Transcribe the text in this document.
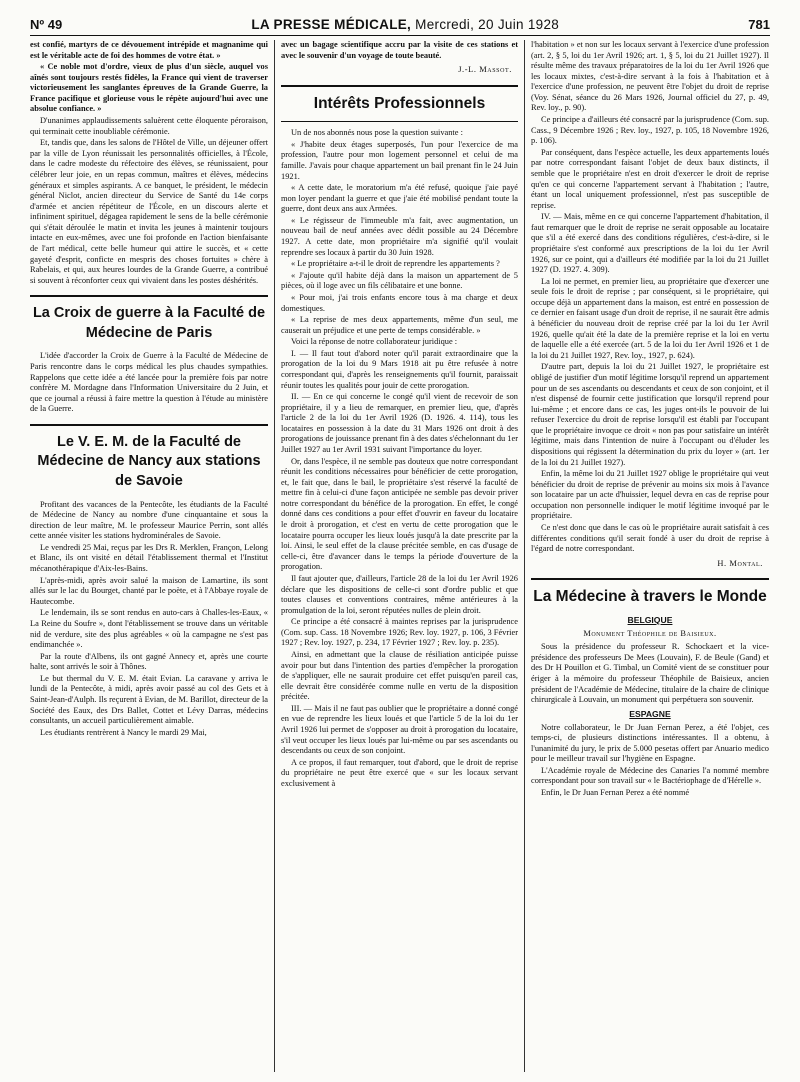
Nº 49	LA PRESSE MÉDICALE, Mercredi, 20 Juin 1928	781

est confié, martyrs de ce dévouement intrépide et magnanime qui est le véritable acte de foi des hommes de votre état. »

« Ce noble mot d'ordre, vieux de plus d'un siècle, auquel vos aînés sont toujours restés fidèles, la France qui vient de traverser victorieusement les sanglantes épreuves de la Grande Guerre, la France pacifique et glorieuse vous le répète aujourd'hui avec une absolue confiance. »

D'unanimes applaudissements saluèrent cette éloquente péroraison, qui terminait cette inoubliable cérémonie.

Et, tandis que, dans les salons de l'Hôtel de Ville, un déjeuner offert par la ville de Lyon réunissait les personnalités officielles, à l'École, dans le cadre modeste du réfectoire des élèves, se réunissaient, pour célébrer leur joie, en un repas commun, maîtres et élèves, médecins généraux et simples aspirants. A ce banquet, le président, le médecin général Niclot, ancien directeur du Service de Santé du 14e corps d'armée et ancien répétiteur de l'École, en un discours alerte et infiniment spirituel, dégagea rapidement le sens de la belle cérémonie qui s'était déroulée le matin et invita les jeunes à maintenir toujours intacte en eux-mêmes, avec une foi profonde en l'action bienfaisante de l'art médical, cette belle humeur qui attire le succès, et « cette gayeté d'esprit, conficte en mespris des choses fortuites » chère à Rabelais, et qui, aux heures lourdes de la Grande Guerre, a contribué si souvent à réconforter ceux qui vivaient dans les postes déshérités.

La Croix de guerre à la Faculté de Médecine de Paris

L'idée d'accorder la Croix de Guerre à la Faculté de Médecine de Paris rencontre dans le corps médical les plus chaudes sympathies. Rappelons que cette idée a été lancée pour la première fois par notre confrère M. Mordagne dans l'Information Universitaire du 2 Juin, et que ce journal a réussi à faire mettre la question à l'étude au ministère de la Guerre.

Le V. E. M. de la Faculté de Médecine de Nancy aux stations de Savoie

Profitant des vacances de la Pentecôte, les étudiants de la Faculté de Médecine de Nancy au nombre d'une cinquantaine et sous la direction de leur maître, M. le professeur Maurice Perrin, sont allés cette année visiter les stations hydrominérales de Savoie.

Le vendredi 25 Mai, reçus par les Drs R. Merklen, Françon, Lelong et Blanc, ils ont visité en détail l'établissement thermal et l'Institut mécanothérapique d'Aix-les-Bains.

L'après-midi, après avoir salué la maison de Lamartine, ils sont allés sur le lac du Bourget, chanté par le poète, et à l'Abbaye royale de Hautecombe.

Le lendemain, ils se sont rendus en auto-cars à Challes-les-Eaux, « La Reine du Soufre », dont l'établissement se trouve dans un véritable nid de verdure, site des plus agréables « où la campagne ne s'est pas endimanchée ».

Par la route d'Albens, ils ont gagné Annecy et, après une courte halte, sont arrivés le soir à Thônes.

Le but thermal du V. E. M. était Evian. La caravane y arriva le lundi de la Pentecôte, à midi, après avoir passé au col des Gets et à Saint-Jean-d'Aulph. Ils reçurent à Evian, de M. Barillot, directeur de la Société des Eaux, des Drs Ballet, Cottet et Lévy Darras, médecins consultants, un accueil particulièrement aimable.

Les étudiants rentrèrent à Nancy le mardi 29 Mai,

avec un bagage scientifique accru par la visite de ces stations et avec le souvenir d'un voyage de toute beauté.

J.-L. Massot.

Intérêts Professionnels

Un de nos abonnés nous pose la question suivante :

« J'habite deux étages superposés, l'un pour l'exercice de ma profession, l'autre pour mon logement personnel et celui de ma famille. J'avais pour chaque appartement un bail prenant fin le 24 Juin 1921.

« A cette date, le moratorium m'a été refusé, quoique j'aie payé mon loyer pendant la guerre et que j'aie été mobilisé pendant toute la guerre, dont deux ans aux Armées.

« Le régisseur de l'immeuble m'a fait, avec augmentation, un nouveau bail de neuf années avec dédit possible au 24 Décembre 1927. A cette date, mon propriétaire m'a signifié qu'il voulait reprendre ses locaux à partir du 30 Juin 1928.

« Le propriétaire a-t-il le droit de reprendre les appartements ?

« J'ajoute qu'il habite déjà dans la maison un appartement de 5 pièces, où il loge avec un fils célibataire et une bonne.

« Pour moi, j'ai trois enfants encore tous à ma charge et deux domestiques.

« La reprise de mes deux appartements, même d'un seul, me causerait un préjudice et une perte de temps considérable. »

Voici la réponse de notre collaborateur juridique :

I. — Il faut tout d'abord noter qu'il parait extraordinaire que la prorogation de la loi du 9 Mars 1918 ait pu être refusée à notre correspondant qui, d'après les renseignements qu'il fournit, paraissait réunir toutes les qualités pour jouir de cette prorogation.

II. — En ce qui concerne le congé qu'il vient de recevoir de son propriétaire, il y a lieu de remarquer, en premier lieu, que, d'après l'article 2 de la loi du 1er Avril 1926 (D. 1926. 4. 114), tous les locataires en possession à la date du 31 Mars 1926 ont droit à des prorogations de jouissance prenant fin à des dates s'échelonnant du 1er Juillet 1927 au 1er Avril 1931 suivant l'importance du loyer.

Or, dans l'espèce, il ne semble pas douteux que notre correspondant réunit les conditions nécessaires pour bénéficier de cette prorogation, et, le fait que, dans le bail, le propriétaire s'est réservé la faculté de mettre fin à celui-ci d'une façon anticipée ne semble pas devoir priver notre correspondant du bénéfice de la prorogation. En effet, le congé donné dans ces conditions a pour effet d'ouvrir en faveur du locataire le droit à prorogation, et c'est en vertu de cette prorogation que le locataire pourra occuper les lieux loués jusqu'à la date prescrite par la loi. Ainsi, le seul effet de la clause précitée semble, en cas d'usage de celle-ci, être d'avancer dans le temps la période d'ouverture de la prorogation.

Il faut ajouter que, d'ailleurs, l'article 28 de la loi du 1er Avril 1926 déclare que les dispositions de celle-ci sont d'ordre public et que toutes clauses et conventions contraires, même antérieures à la promulgation de la loi, seront réputées nulles de plein droit.

Ce principe a été consacré à maintes reprises par la jurisprudence (Com. sup. Cass. 18 Novembre 1926; Rev. loy. 1927, p. 106, 3 Février 1927 ; Rev. loy. 1927, p. 234, 17 Février 1927 ; Rev. loy. p. 235).

Ainsi, en admettant que la clause de résiliation anticipée puisse avoir pour but dans l'intention des parties d'empêcher la prorogation de s'appliquer, elle ne saurait produire cet effet puisqu'en pareil cas, elle devrait être considérée comme nulle en vertu de la disposition précitée.

III. — Mais il ne faut pas oublier que le propriétaire a donné congé en vue de reprendre les lieux loués et que l'article 5 de la loi du 1er Avril 1926 lui permet de s'opposer au droit à prorogation du locataire, s'il veut occuper les lieux loués par lui-même ou par ses ascendants ou descendants ou ceux de son conjoint.

A ce propos, il faut remarquer, tout d'abord, que le droit de reprise du propriétaire ne peut être exercé que « sur les locaux servant exclusivement à

l'habitation » et non sur les locaux servant à l'exercice d'une profession (art. 2, § 5, loi du 1er Avril 1926; art. 1, § 5, loi du 21 Juillet 1927). Il résulte même des travaux préparatoires de la loi du 1er Avril 1926 que les locaux mixtes, c'est-à-dire servant à la fois à l'habitation et à l'exercice d'une profession, ne peuvent être l'objet du droit de reprise (Voy. Sénat, séance du 26 Mars 1926, Journal officiel du 27, p. 49, Rev. loy., p. 90).

Ce principe a d'ailleurs été consacré par la jurisprudence (Com. sup. Cass., 9 Décembre 1926 ; Rev. loy., 1927, p. 105, 18 Novembre 1926, p. 106).

Par conséquent, dans l'espèce actuelle, les deux appartements loués par notre correspondant faisant l'objet de deux baux distincts, il semble que le propriétaire n'est en droit d'exercer le droit de reprise qu'en ce qui concerne l'appartement servant à l'habitation ; l'autre, étant un local uniquement professionnel, n'est pas susceptible de reprise.

IV. — Mais, même en ce qui concerne l'appartement d'habitation, il faut remarquer que le droit de reprise ne serait opposable au locataire que s'il a été exercé dans des conditions régulières, c'est-à-dire, si le propriétaire s'est conformé aux prescriptions de la loi du 1er Avril 1926, sur ce point, qui a d'ailleurs été modifiée par la loi du 21 Juillet 1927 (D. 1927. 4. 309).

La loi ne permet, en premier lieu, au propriétaire que d'exercer une seule fois le droit de reprise ; par conséquent, si le propriétaire, qui occupe déjà un appartement dans la maison, est entré en possession de ce dernier en faisant usage d'un droit de reprise, il ne saurait être admis à bénéficier du nouveau droit de reprise créé par la loi du 1er Avril 1926, quelle qu'ait été la date de la première reprise et la loi en vertu de laquelle elle a été exercée (art. 5 de la loi du 1er Avril 1926 et 1 de la loi du 21 Juillet 1927, Rev. loy., 1927, p. 624).

D'autre part, depuis la loi du 21 Juillet 1927, le propriétaire est obligé de justifier d'un motif légitime lorsqu'il reprend un appartement pour un de ses ascendants ou descendants et ceux de son conjoint, et il n'est dispensé de fournir cette justification que lorsqu'il reprend pour lui-même ; et encore dans ce cas, les juges ont-ils le pouvoir de lui refuser l'exercice du droit de reprise lorsqu'il est établi par l'occupant que le propriétaire invoque ce droit « non pas pour satisfaire un intérêt légitime, mais dans l'intention de nuire à l'occupant ou d'éluder les dispositions qui régissent la détermination du prix du loyer » (art. 1er de la loi du 21 Juillet 1927).

Enfin, la même loi du 21 Juillet 1927 oblige le propriétaire qui veut bénéficier du droit de reprise de prévenir au moins six mois à l'avance son locataire par un acte d'huissier, lequel devra en cas de reprise pour occupation non personnelle indiquer le motif légitime invoqué par le propriétaire.

Ce n'est donc que dans le cas où le propriétaire aurait satisfait à ces différentes conditions qu'il serait fondé à user du droit de reprise à l'égard de notre correspondant.

H. Montal.

La Médecine à travers le Monde

BELGIQUE

Monument Théophile de Baisieux.

Sous la présidence du professeur R. Schockaert et la vice-présidence des professeurs De Mees (Louvain), F. de Beule (Gand) et des Dr H Pouillon et G. Timbal, un Comité vient de se constituer pour ériger à la mémoire du professeur Théophile de Baisieux, ancien président de l'Académie de Médecine, titulaire de la chaire de clinique chirurgicale à Louvain, un monument qui perpétuera son souvenir.

ESPAGNE

Notre collaborateur, le Dr Juan Fernan Perez, a été l'objet, ces temps-ci, de plusieurs distinctions intéressantes. Il a obtenu, à l'unanimité du jury, le prix de 5.000 pesetas offert par Anuario medico pour le meilleur travail sur l'hygiène en Espagne.

L'Académie royale de Médecine des Canaries l'a nommé membre correspondant pour son travail sur « le Bactériophage de d'Hérelle ».

Enfin, le Dr Juan Fernan Perez a été nommé
